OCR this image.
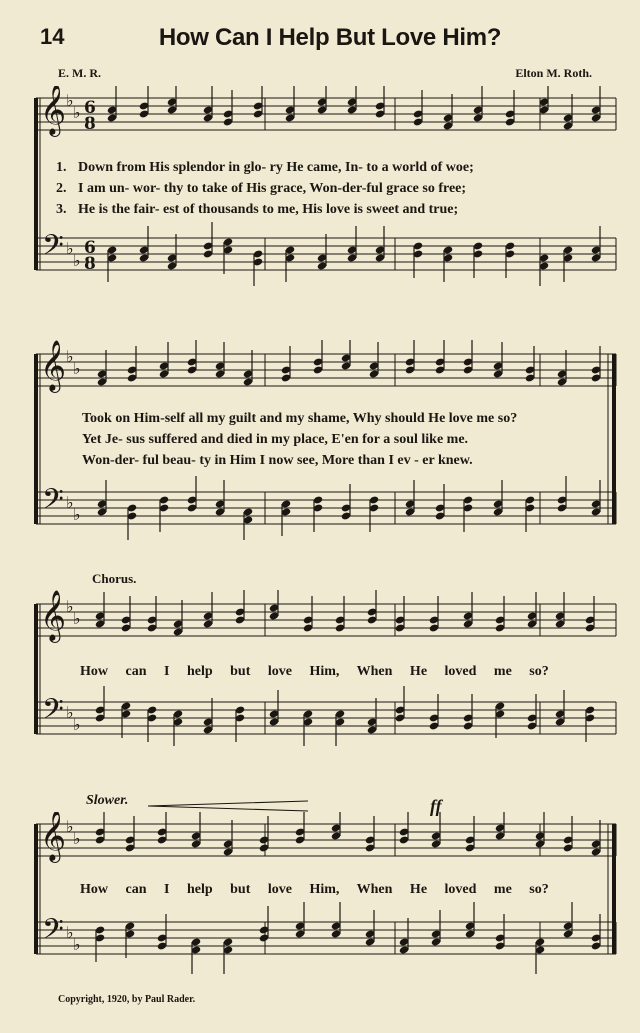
14	How Can I Help But Love Him?
E. M. R.	Elton M. Roth.
𝄞
𝄢
♭
♭
♭
♭
6
8
6
8
1. Down from His splendor in glo- ry He came, In- to a world of woe;
2. I am un- wor- thy to take of His grace, Won-der-ful grace so free;
3. He is the fair- est of thousands to me, His love is sweet and true;
𝄞
𝄢
♭
♭
♭
♭
Took on Him-self all my guilt and my shame, Why should He love me so?
Yet Je- sus suffered and died in my place, E'en for a soul like me.
Won-der- ful beau- ty in Him I now see, More than I ev - er knew.
Chorus.
𝄞
𝄢
♭
♭
♭
♭
How can I help but love Him, When He loved me so?
Slower.	ff
𝄞
𝄢
♭
♭
♭
♭
How can I help but love Him, When He loved me so?
Copyright, 1920, by Paul Rader.
